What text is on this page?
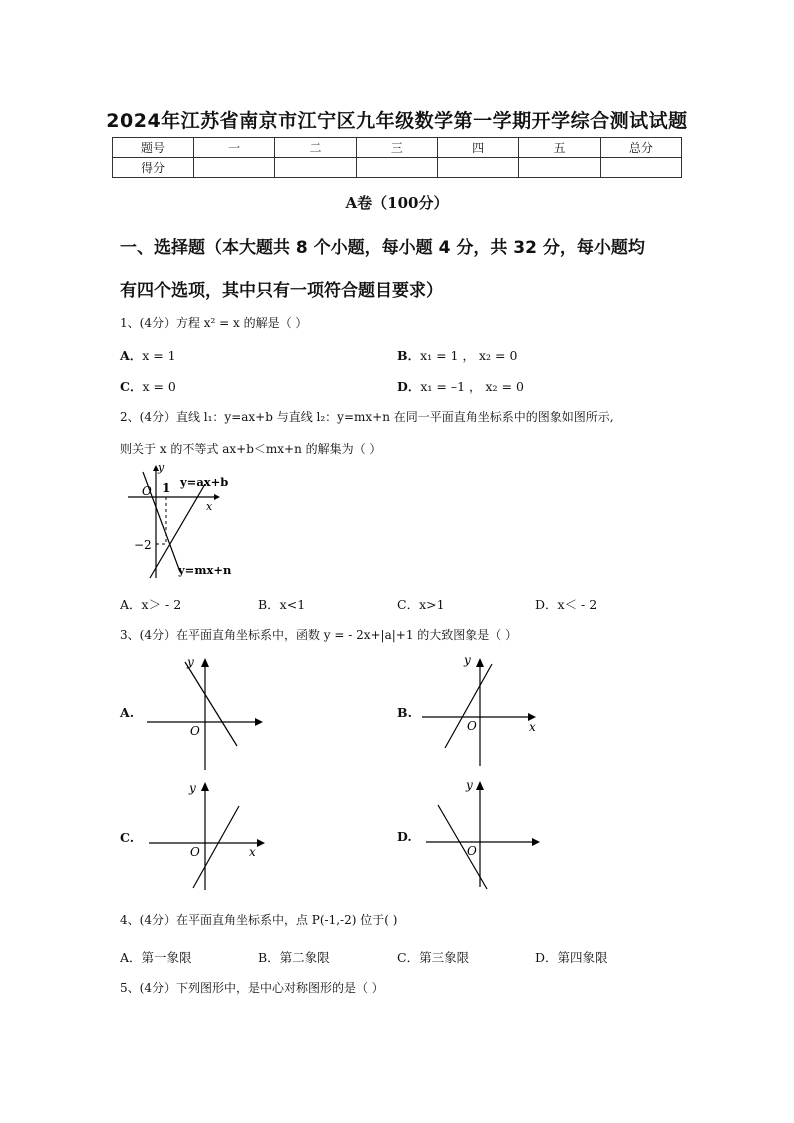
2024年江苏省南京市江宁区九年级数学第一学期开学综合测试试题
题号	一	二	三	四	五	总分
得分						
A卷（100分）
一、选择题（本大题共 8 个小题，每小题 4 分，共 32 分，每小题均
有四个选项，其中只有一项符合题目要求）
1、(4分）方程 x² = x 的解是（ ）
A．x = 1	B．x₁ = 1 ， x₂ = 0
C．x = 0	D．x₁ = –1 ， x₂ = 0
2、(4分）直线 l₁：y=ax+b 与直线 l₂：y=mx+n 在同一平面直角坐标系中的图象如图所示,
则关于 x 的不等式 ax+b＜mx+n 的解集为（ ）
y
O 1
x
−2
y=ax+b
y=mx+n
A．x＞ - 2	B．x<1	C．x>1	D．x＜ - 2
3、(4分）在平面直角坐标系中，函数 y = - 2x+|a|+1 的大致图象是（ ）
A.
y
O
B.
y
O	x
C.
y
O	x
D.
y
O
4、(4分）在平面直角坐标系中，点 P(-1,-2) 位于( )
A．第一象限	B．第二象限	C．第三象限	D．第四象限
5、(4分）下列图形中，是中心对称图形的是（ ）
